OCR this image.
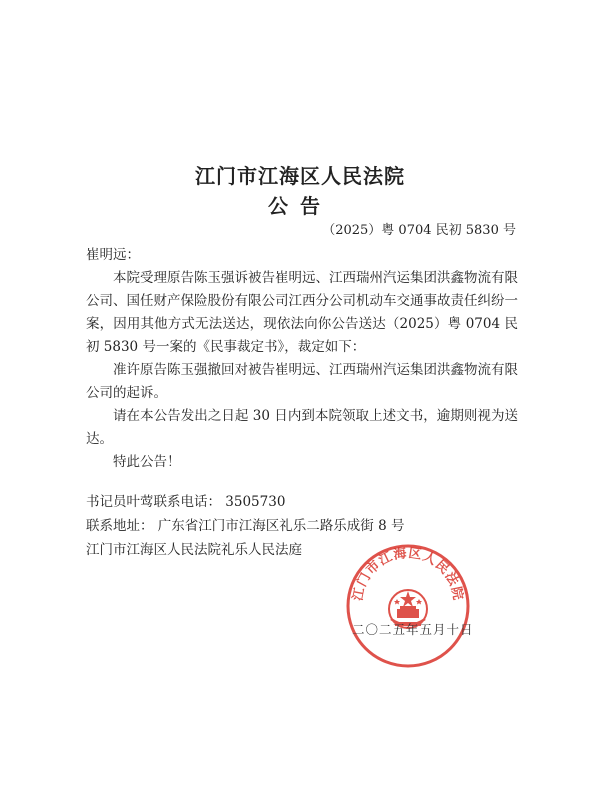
江门市江海区人民法院
公告
（2025）粤 0704 民初 5830 号
崔明远：
本院受理原告陈玉强诉被告崔明远、江西瑞州汽运集团洪鑫物流有限公司、国任财产保险股份有限公司江西分公司机动车交通事故责任纠纷一案，因用其他方式无法送达，现依法向你公告送达（2025）粤 0704 民初 5830 号一案的《民事裁定书》，裁定如下：
准许原告陈玉强撤回对被告崔明远、江西瑞州汽运集团洪鑫物流有限公司的起诉。
请在本公告发出之日起 30 日内到本院领取上述文书，逾期则视为送达。
特此公告！
书记员叶莺联系电话： 3505730
联系地址： 广东省江门市江海区礼乐二路乐成街 8 号
江门市江海区人民法院礼乐人民法庭
江门市江海区人民法院
二〇二五年五月十日
